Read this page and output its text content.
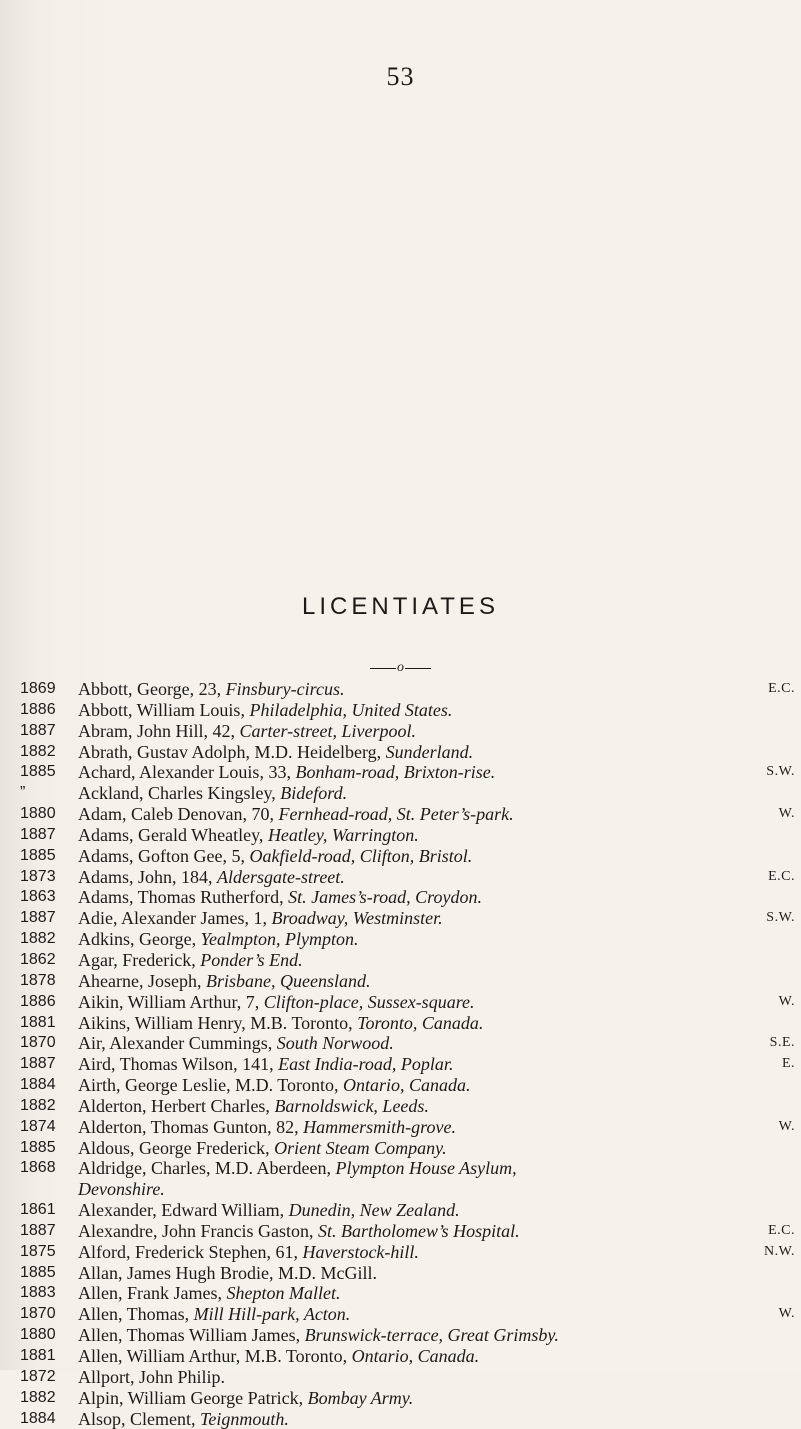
53
LICENTIATES
o
1869	Abbott, George, 23, Finsbury-circus.	E.C.
1886	Abbott, William Louis, Philadelphia, United States.
1887	Abram, John Hill, 42, Carter-street, Liverpool.
1882	Abrath, Gustav Adolph, M.D. Heidelberg, Sunderland.
1885	Achard, Alexander Louis, 33, Bonham-road, Brixton-rise.	S.W.
”	Ackland, Charles Kingsley, Bideford.
1880	Adam, Caleb Denovan, 70, Fernhead-road, St. Peter’s-park.	W.
1887	Adams, Gerald Wheatley, Heatley, Warrington.
1885	Adams, Gofton Gee, 5, Oakfield-road, Clifton, Bristol.
1873	Adams, John, 184, Aldersgate-street.	E.C.
1863	Adams, Thomas Rutherford, St. James’s-road, Croydon.
1887	Adie, Alexander James, 1, Broadway, Westminster.	S.W.
1882	Adkins, George, Yealmpton, Plympton.
1862	Agar, Frederick, Ponder’s End.
1878	Ahearne, Joseph, Brisbane, Queensland.
1886	Aikin, William Arthur, 7, Clifton-place, Sussex-square.	W.
1881	Aikins, William Henry, M.B. Toronto, Toronto, Canada.
1870	Air, Alexander Cummings, South Norwood.	S.E.
1887	Aird, Thomas Wilson, 141, East India-road, Poplar.	E.
1884	Airth, George Leslie, M.D. Toronto, Ontario, Canada.
1882	Alderton, Herbert Charles, Barnoldswick, Leeds.
1874	Alderton, Thomas Gunton, 82, Hammersmith-grove.	W.
1885	Aldous, George Frederick, Orient Steam Company.
1868	Aldridge, Charles, M.D. Aberdeen, Plympton House Asylum,
Devonshire.
1861	Alexander, Edward William, Dunedin, New Zealand.
1887	Alexandre, John Francis Gaston, St. Bartholomew’s Hospital.	E.C.
1875	Alford, Frederick Stephen, 61, Haverstock-hill.	N.W.
1885	Allan, James Hugh Brodie, M.D. McGill.
1883	Allen, Frank James, Shepton Mallet.
1870	Allen, Thomas, Mill Hill-park, Acton.	W.
1880	Allen, Thomas William James, Brunswick-terrace, Great Grimsby.
1881	Allen, William Arthur, M.B. Toronto, Ontario, Canada.
1872	Allport, John Philip.
1882	Alpin, William George Patrick, Bombay Army.
1884	Alsop, Clement, Teignmouth.
